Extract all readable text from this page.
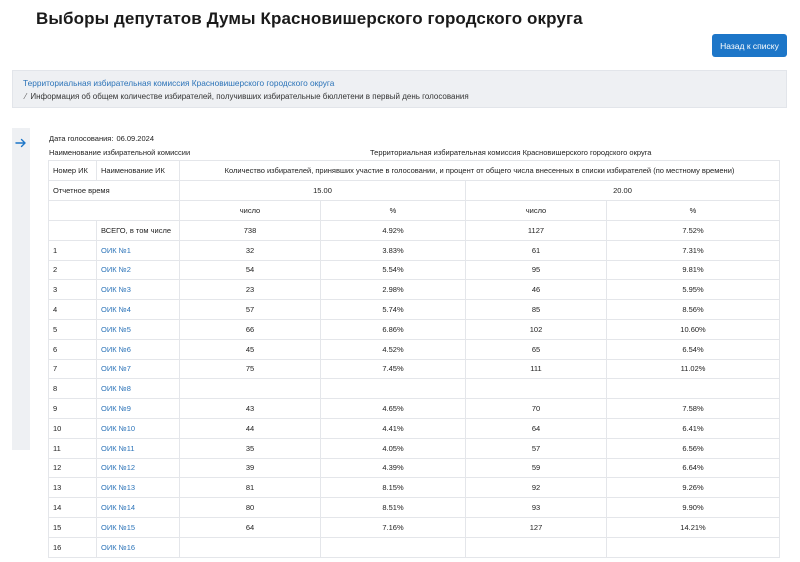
Выборы депутатов Думы Красновишерского городского округа
Назад к списку
Территориальная избирательная комиссия Красновишерского городского округа
⁄ Информация об общем количестве избирателей, получивших избирательные бюллетени в первый день голосования
Дата голосования: 06.09.2024
Наименование избирательной комиссии	Территориальная избирательная комиссия Красновишерского городского округа
Номер ИК	Наименование ИК	Количество избирателей, принявших участие в голосовании, и процент от общего числа внесенных в списки избирателей (по местному времени)			
Отчетное время		15.00		20.00	
		число	%	число	%
	ВСЕГО, в том числе	738	4.92%	1127	7.52%
1	ОИК №1	32	3.83%	61	7.31%
2	ОИК №2	54	5.54%	95	9.81%
3	ОИК №3	23	2.98%	46	5.95%
4	ОИК №4	57	5.74%	85	8.56%
5	ОИК №5	66	6.86%	102	10.60%
6	ОИК №6	45	4.52%	65	6.54%
7	ОИК №7	75	7.45%	111	11.02%
8	ОИК №8				
9	ОИК №9	43	4.65%	70	7.58%
10	ОИК №10	44	4.41%	64	6.41%
11	ОИК №11	35	4.05%	57	6.56%
12	ОИК №12	39	4.39%	59	6.64%
13	ОИК №13	81	8.15%	92	9.26%
14	ОИК №14	80	8.51%	93	9.90%
15	ОИК №15	64	7.16%	127	14.21%
16	ОИК №16				
